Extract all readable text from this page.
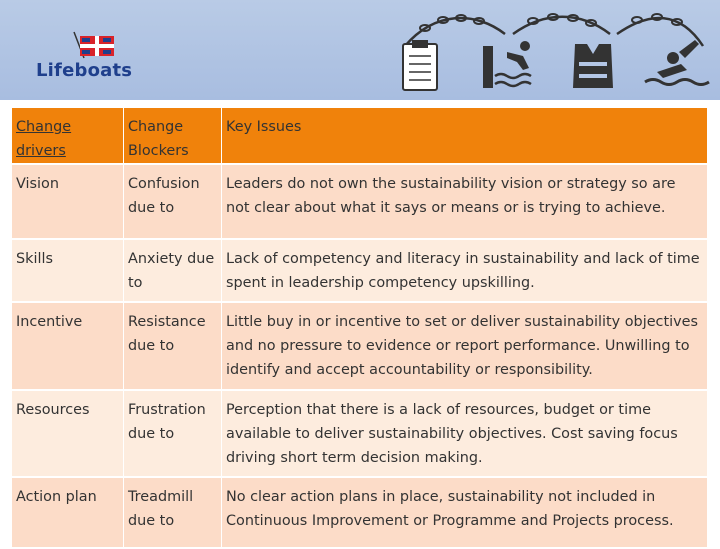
Lifeboats
Change drivers	Change Blockers	Key Issues
Vision	Confusion due to	Leaders do not own the sustainability vision or strategy so are not clear about what it says or means or is trying to achieve.
Skills	Anxiety due to	Lack of competency and literacy in sustainability and lack of time spent in leadership competency upskilling.
Incentive	Resistance due to	Little buy in or incentive to set or deliver sustainability objectives and no pressure to evidence or report performance. Unwilling to identify and accept accountability or responsibility.
Resources	Frustration due to	Perception that there is a lack of resources, budget or time available to deliver sustainability objectives. Cost saving focus driving short term decision making.
Action plan	Treadmill due to	No clear action plans in place, sustainability not included in Continuous Improvement or Programme and Projects process.
